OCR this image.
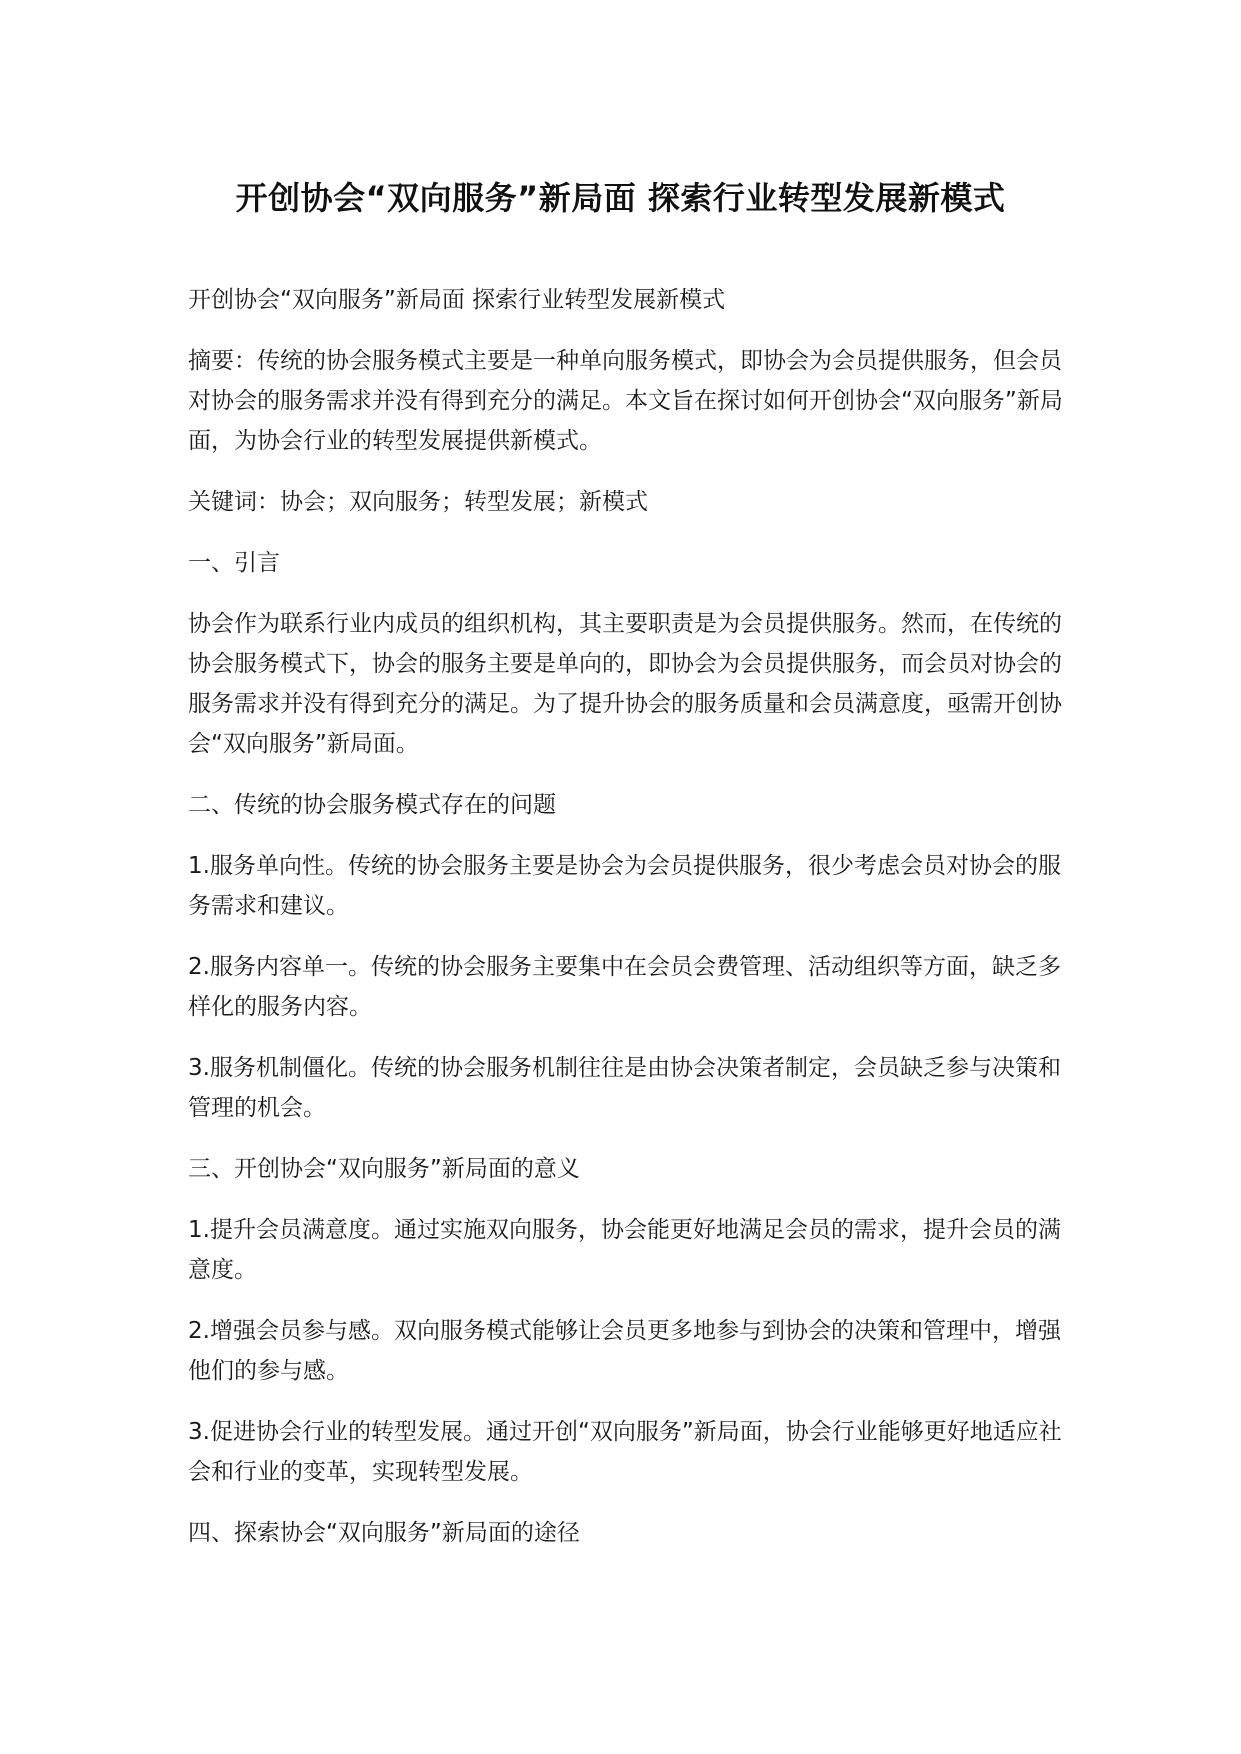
开创协会“双向服务”新局面 探索行业转型发展新模式

开创协会“双向服务”新局面 探索行业转型发展新模式

摘要：传统的协会服务模式主要是一种单向服务模式，即协会为会员提供服务，但会员对协会的服务需求并没有得到充分的满足。本文旨在探讨如何开创协会“双向服务”新局面，为协会行业的转型发展提供新模式。

关键词：协会；双向服务；转型发展；新模式

一、引言

协会作为联系行业内成员的组织机构，其主要职责是为会员提供服务。然而，在传统的协会服务模式下，协会的服务主要是单向的，即协会为会员提供服务，而会员对协会的服务需求并没有得到充分的满足。为了提升协会的服务质量和会员满意度，亟需开创协会“双向服务”新局面。

二、传统的协会服务模式存在的问题

1.服务单向性。传统的协会服务主要是协会为会员提供服务，很少考虑会员对协会的服务需求和建议。

2.服务内容单一。传统的协会服务主要集中在会员会费管理、活动组织等方面，缺乏多样化的服务内容。

3.服务机制僵化。传统的协会服务机制往往是由协会决策者制定，会员缺乏参与决策和管理的机会。

三、开创协会“双向服务”新局面的意义

1.提升会员满意度。通过实施双向服务，协会能更好地满足会员的需求，提升会员的满意度。

2.增强会员参与感。双向服务模式能够让会员更多地参与到协会的决策和管理中，增强他们的参与感。

3.促进协会行业的转型发展。通过开创“双向服务”新局面，协会行业能够更好地适应社会和行业的变革，实现转型发展。

四、探索协会“双向服务”新局面的途径
